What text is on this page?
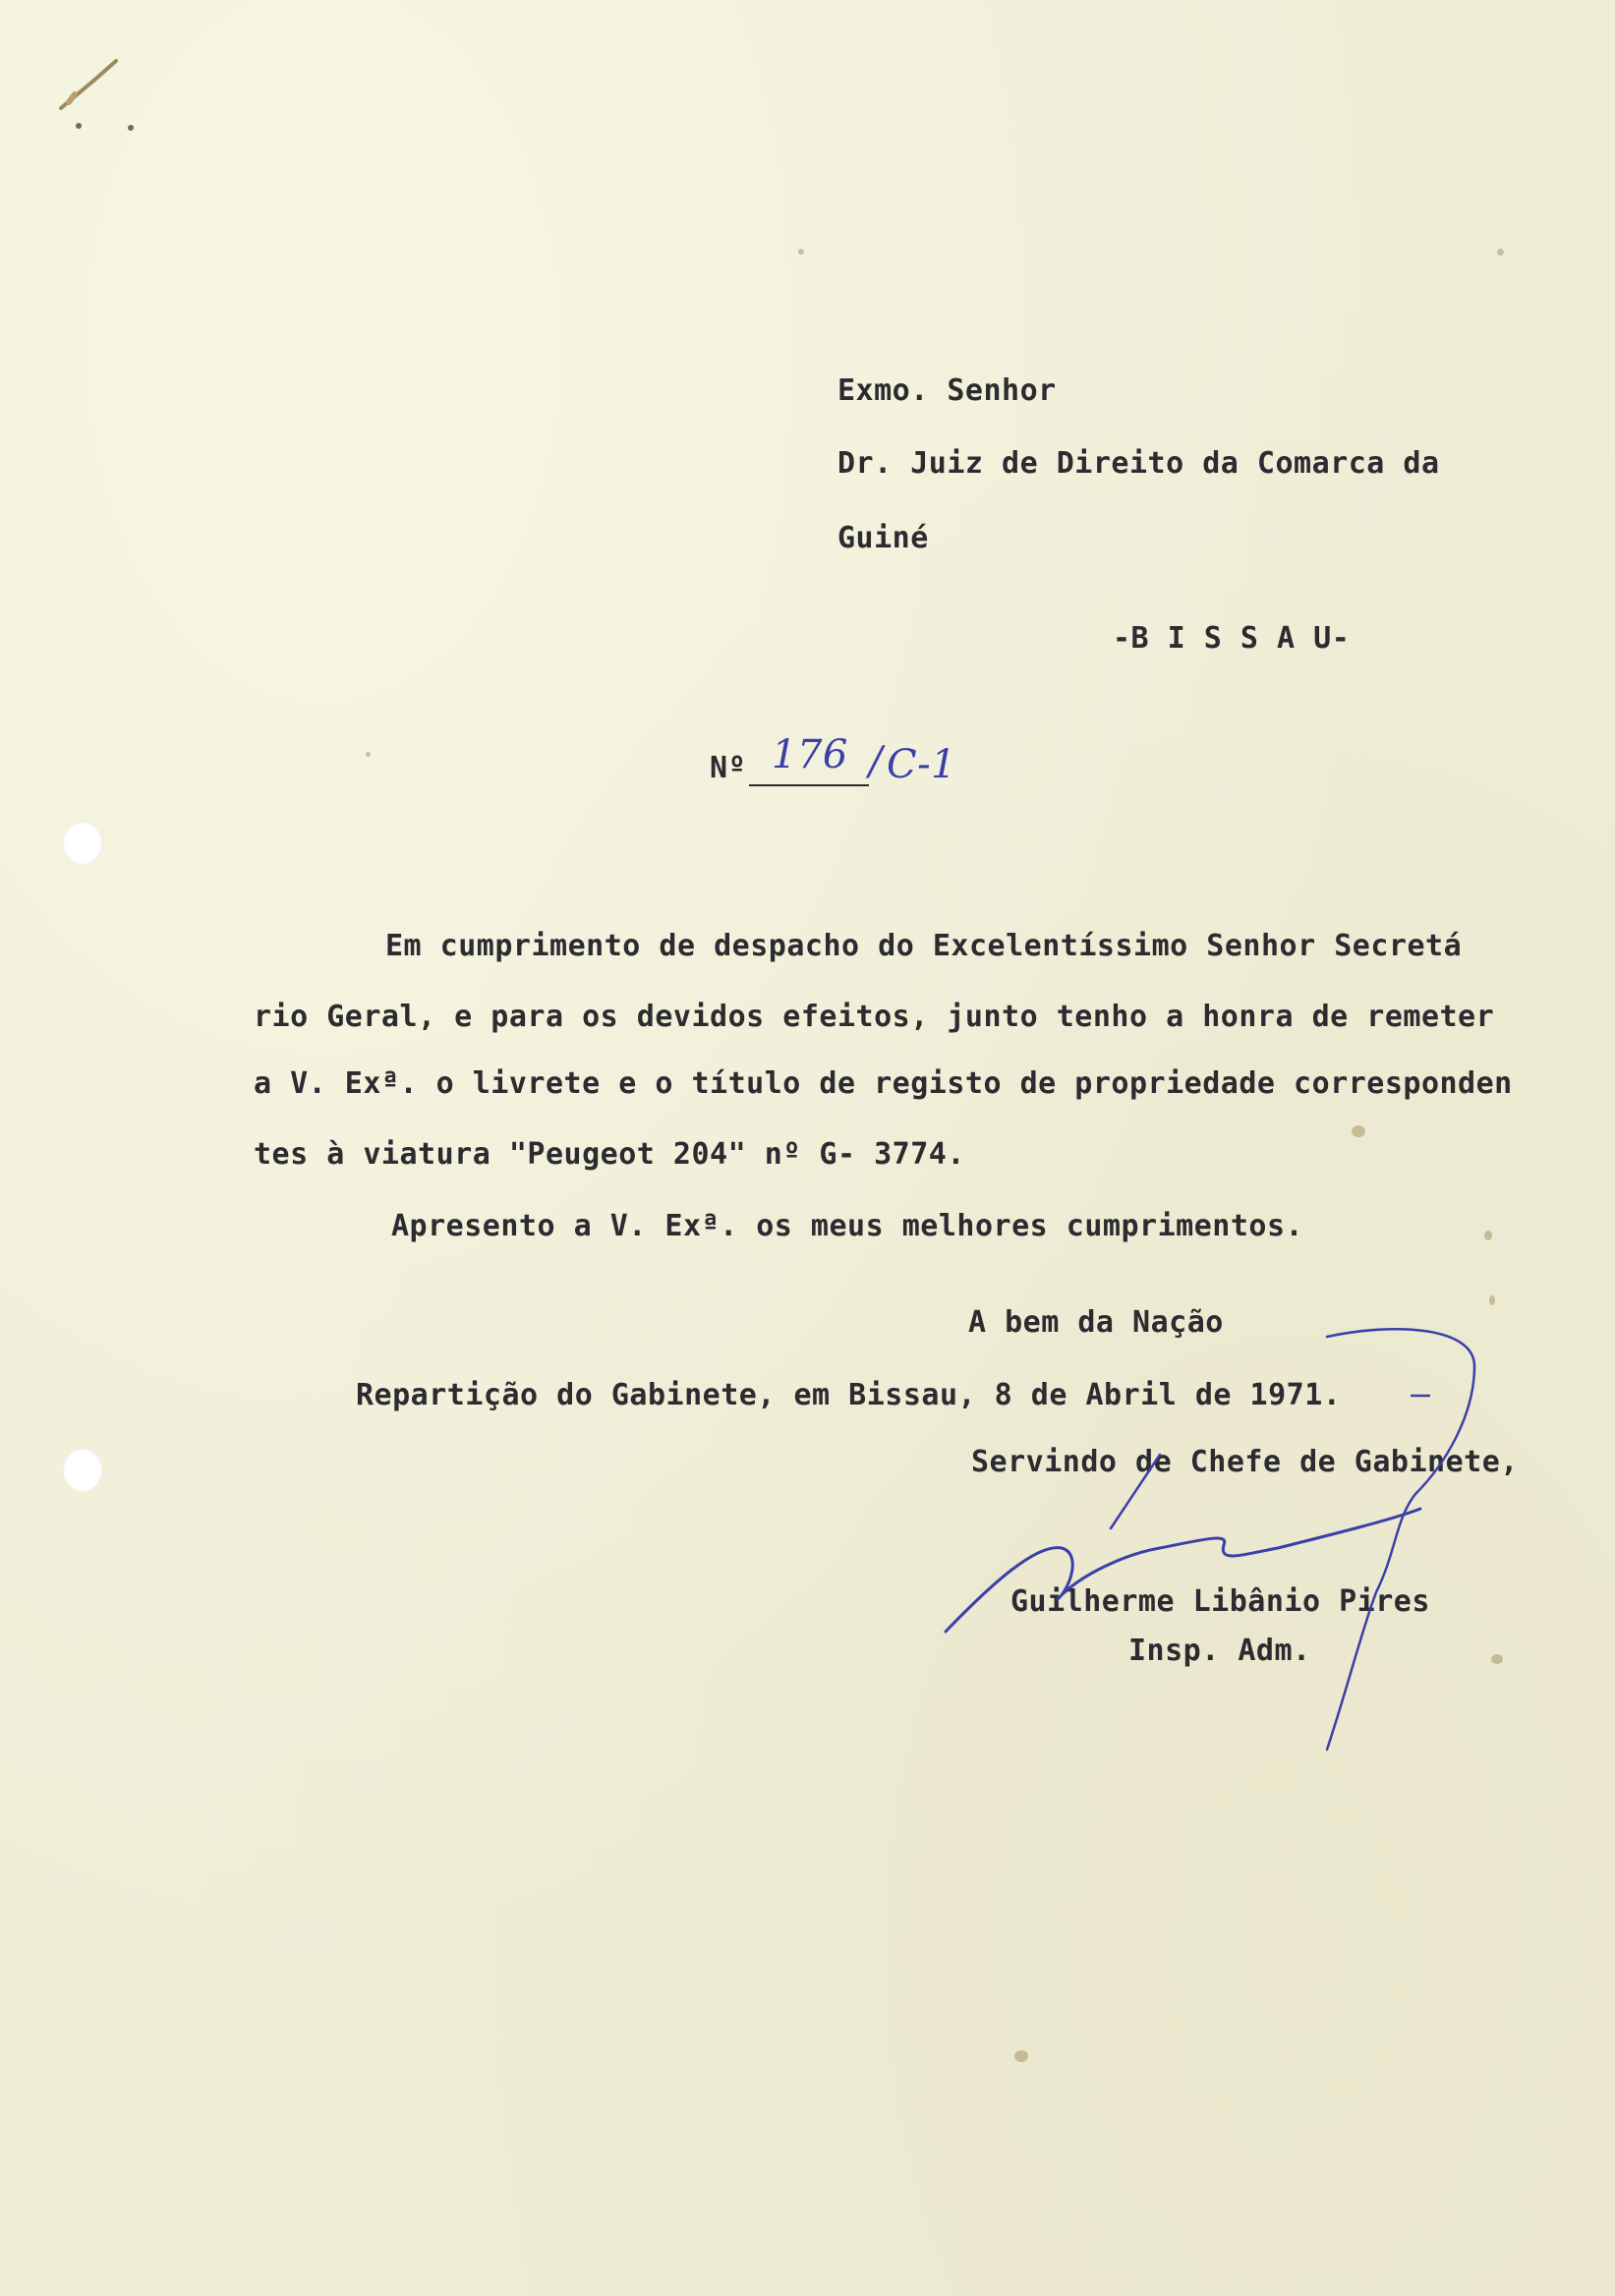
Exmo. Senhor
Dr. Juiz de Direito da Comarca da
Guiné
-B I S S A U-
Nº 176 / C-1
Em cumprimento de despacho do Excelentíssimo Senhor Secretá
rio Geral, e para os devidos efeitos, junto tenho a honra de remeter
a V. Exª. o livrete e o título de registo de propriedade corresponden
tes à viatura "Peugeot 204" nº G- 3774.
Apresento a V. Exª. os meus melhores cumprimentos.
A bem da Nação
Repartição do Gabinete, em Bissau, 8 de Abril de 1971.
Servindo de Chefe de Gabinete,
Guilherme Libânio Pires
Insp. Adm.
